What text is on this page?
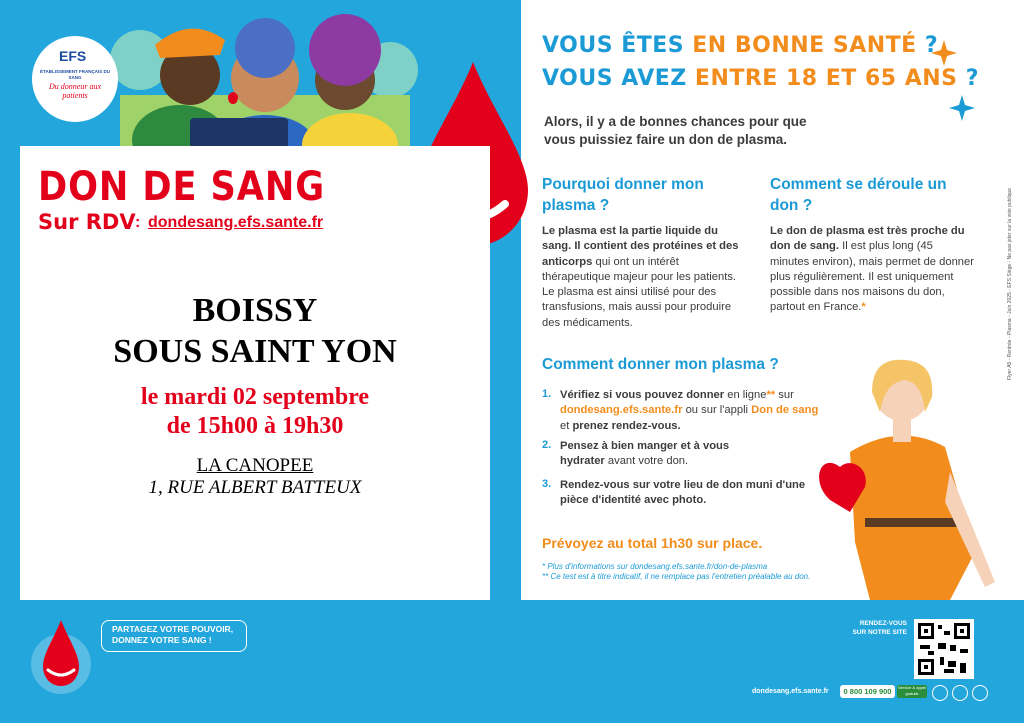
EFS
ÉTABLISSEMENT FRANÇAIS DU SANG
Du donneur aux patients
DON DE SANG
Sur RDV : dondesang.efs.sante.fr
BOISSY
SOUS SAINT YON
le mardi 02 septembre
de 15h00 à 19h30
LA CANOPEE
1, RUE ALBERT BATTEUX
VOUS ÊTES EN BONNE SANTÉ ?
VOUS AVEZ ENTRE 18 ET 65 ANS ?
Alors, il y a de bonnes chances pour que vous puissiez faire un don de plasma.
Pourquoi donner mon plasma ?
Comment se déroule un don ?
Le plasma est la partie liquide du sang. Il contient des protéines et des anticorps qui ont un intérêt thérapeutique majeur pour les patients. Le plasma est ainsi utilisé pour des transfusions, mais aussi pour produire des médicaments.
Le don de plasma est très proche du don de sang. Il est plus long (45 minutes environ), mais permet de donner plus régulièrement. Il est uniquement possible dans nos maisons du don, partout en France.*
Comment donner mon plasma ?
1. Vérifiez si vous pouvez donner en ligne** sur dondesang.efs.sante.fr ou sur l'appli Don de sang et prenez rendez-vous.
2. Pensez à bien manger et à vous hydrater avant votre don.
3. Rendez-vous sur votre lieu de don muni d'une pièce d'identité avec photo.
Prévoyez au total 1h30 sur place.
* Plus d'informations sur dondesang.efs.sante.fr/don-de-plasma
** Ce test est à titre indicatif, il ne remplace pas l'entretien préalable au don.
Flyer A5 - Rentrée - Plasma - Juin 2025 - EFS Siège - Ne pas jeter sur la voie publique
PARTAGEZ VOTRE POUVOIR,
DONNEZ VOTRE SANG !
RENDEZ-VOUS
SUR NOTRE SITE
dondesang.efs.sante.fr	0 800 109 900	Service & appel gratuits
